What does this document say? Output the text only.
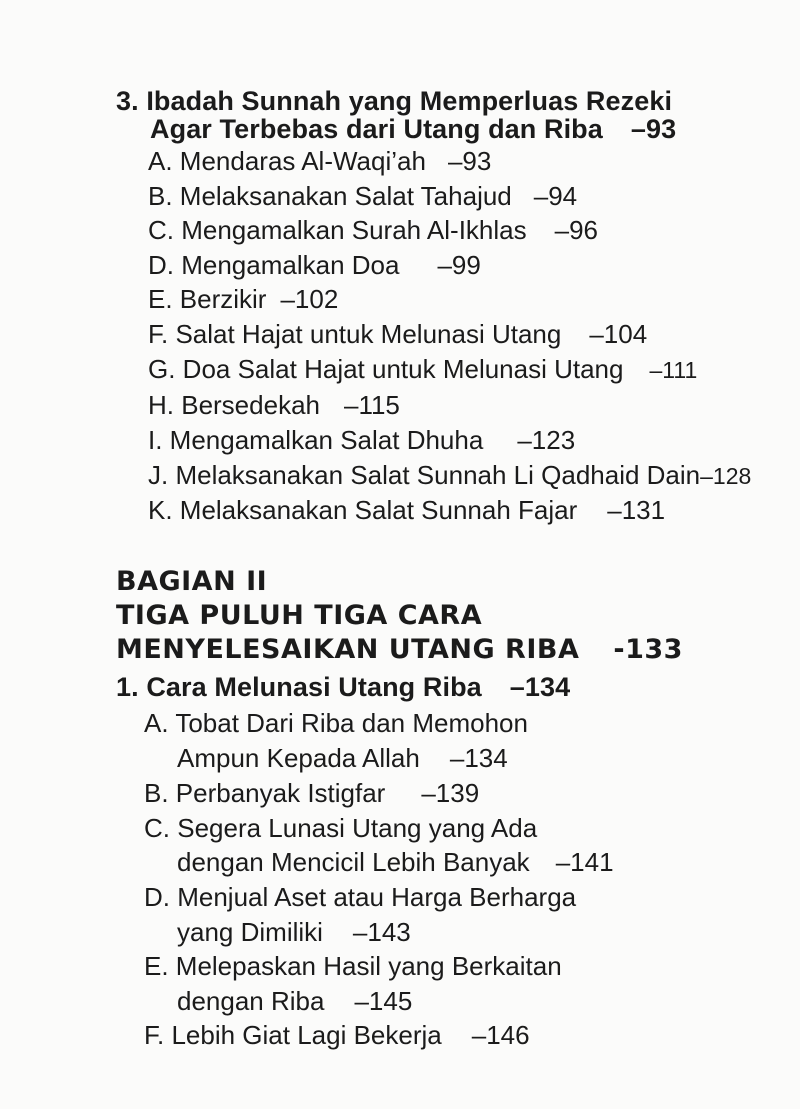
3. Ibadah Sunnah yang Memperluas Rezeki
Agar Terbebas dari Utang dan Riba –93
A. Mendaras Al-Waqi’ah –93
B. Melaksanakan Salat Tahajud –94
C. Mengamalkan Surah Al-Ikhlas –96
D. Mengamalkan Doa –99
E. Berzikir –102
F. Salat Hajat untuk Melunasi Utang –104
G. Doa Salat Hajat untuk Melunasi Utang –111
H. Bersedekah –115
I. Mengamalkan Salat Dhuha –123
J. Melaksanakan Salat Sunnah Li Qadhaid Dain–128
K. Melaksanakan Salat Sunnah Fajar –131
BAGIAN II
TIGA PULUH TIGA CARA
MENYELESAIKAN UTANG RIBA -133
1. Cara Melunasi Utang Riba –134
A. Tobat Dari Riba dan Memohon
Ampun Kepada Allah –134
B. Perbanyak Istigfar –139
C. Segera Lunasi Utang yang Ada
dengan Mencicil Lebih Banyak –141
D. Menjual Aset atau Harga Berharga
yang Dimiliki –143
E. Melepaskan Hasil yang Berkaitan
dengan Riba –145
F. Lebih Giat Lagi Bekerja –146
